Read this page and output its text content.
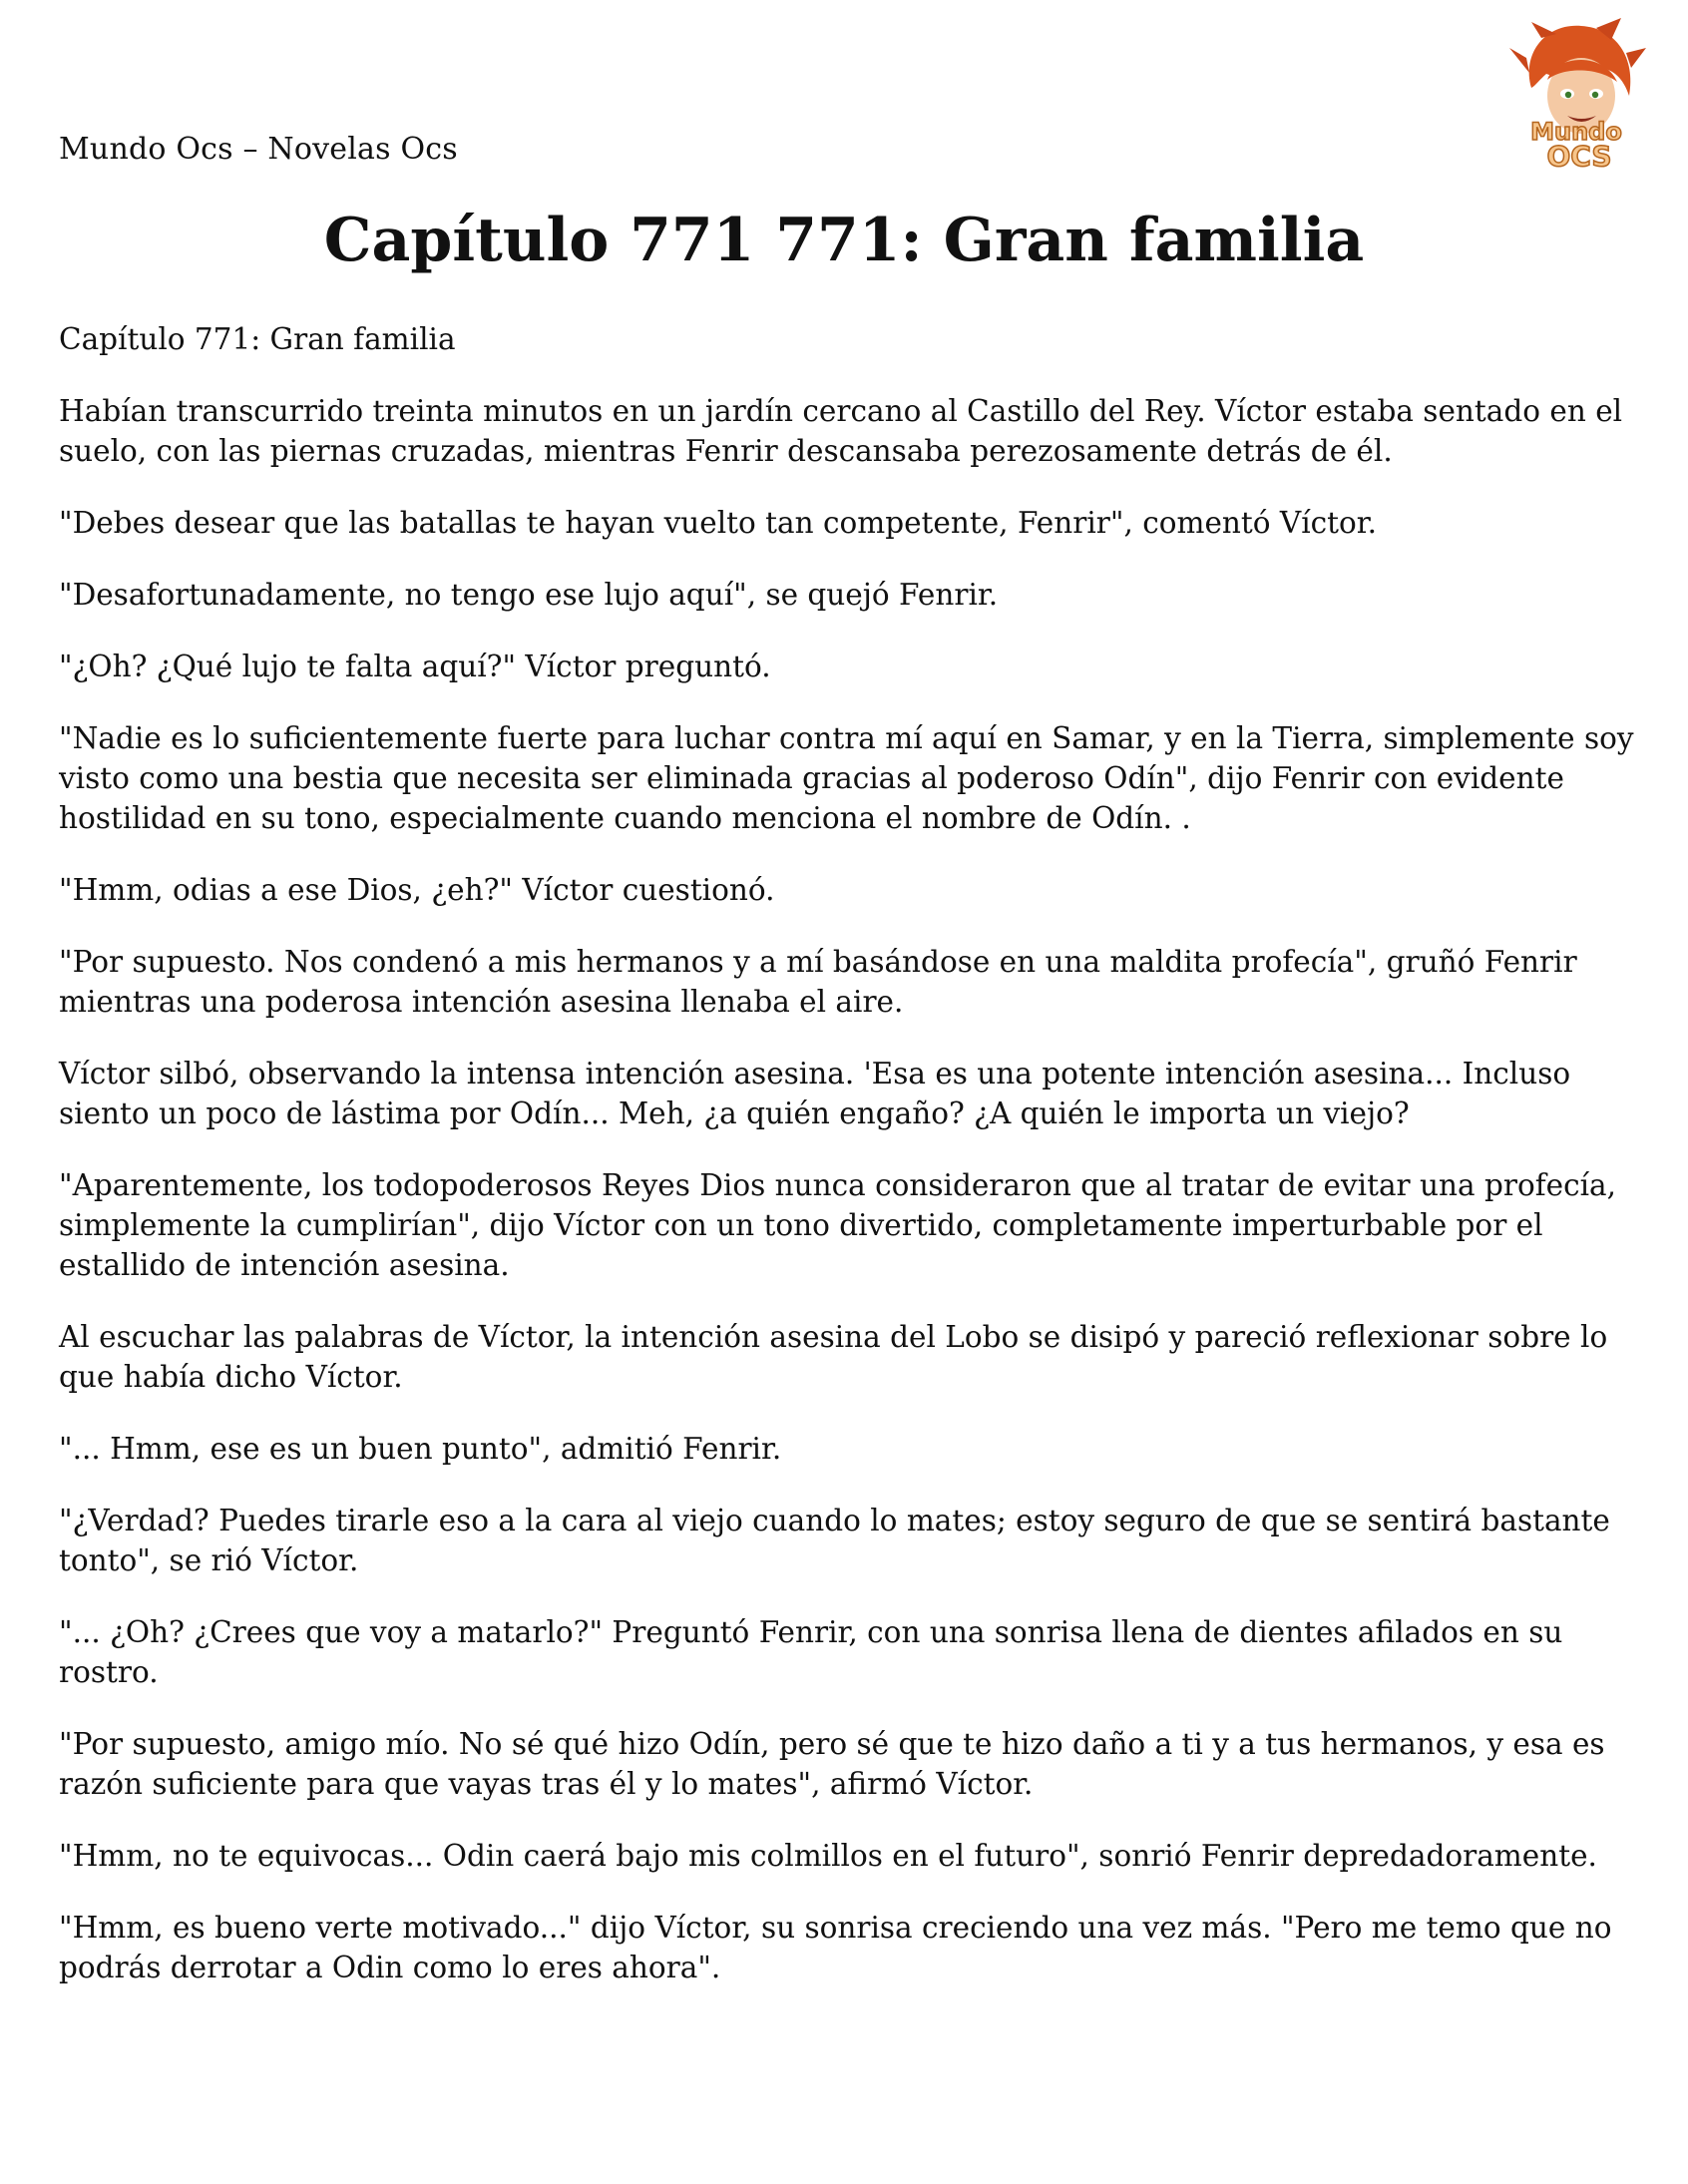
Mundo Ocs – Novelas Ocs	Mundo
OCS
Capítulo 771 771: Gran familia

Capítulo 771: Gran familia

Habían transcurrido treinta minutos en un jardín cercano al Castillo del Rey. Víctor estaba sentado en el suelo, con las piernas cruzadas, mientras Fenrir descansaba perezosamente detrás de él.

"Debes desear que las batallas te hayan vuelto tan competente, Fenrir", comentó Víctor.

"Desafortunadamente, no tengo ese lujo aquí", se quejó Fenrir.

"¿Oh? ¿Qué lujo te falta aquí?" Víctor preguntó.

"Nadie es lo suficientemente fuerte para luchar contra mí aquí en Samar, y en la Tierra, simplemente soy visto como una bestia que necesita ser eliminada gracias al poderoso Odín", dijo Fenrir con evidente hostilidad en su tono, especialmente cuando menciona el nombre de Odín. .

"Hmm, odias a ese Dios, ¿eh?" Víctor cuestionó.

"Por supuesto. Nos condenó a mis hermanos y a mí basándose en una maldita profecía", gruñó Fenrir mientras una poderosa intención asesina llenaba el aire.

Víctor silbó, observando la intensa intención asesina. 'Esa es una potente intención asesina... Incluso siento un poco de lástima por Odín... Meh, ¿a quién engaño? ¿A quién le importa un viejo?

"Aparentemente, los todopoderosos Reyes Dios nunca consideraron que al tratar de evitar una profecía, simplemente la cumplirían", dijo Víctor con un tono divertido, completamente imperturbable por el estallido de intención asesina.

Al escuchar las palabras de Víctor, la intención asesina del Lobo se disipó y pareció reflexionar sobre lo que había dicho Víctor.

"... Hmm, ese es un buen punto", admitió Fenrir.

"¿Verdad? Puedes tirarle eso a la cara al viejo cuando lo mates; estoy seguro de que se sentirá bastante tonto", se rió Víctor.

"... ¿Oh? ¿Crees que voy a matarlo?" Preguntó Fenrir, con una sonrisa llena de dientes afilados en su rostro.

"Por supuesto, amigo mío. No sé qué hizo Odín, pero sé que te hizo daño a ti y a tus hermanos, y esa es razón suficiente para que vayas tras él y lo mates", afirmó Víctor.

"Hmm, no te equivocas... Odin caerá bajo mis colmillos en el futuro", sonrió Fenrir depredadoramente.

"Hmm, es bueno verte motivado..." dijo Víctor, su sonrisa creciendo una vez más. "Pero me temo que no podrás derrotar a Odin como lo eres ahora".
